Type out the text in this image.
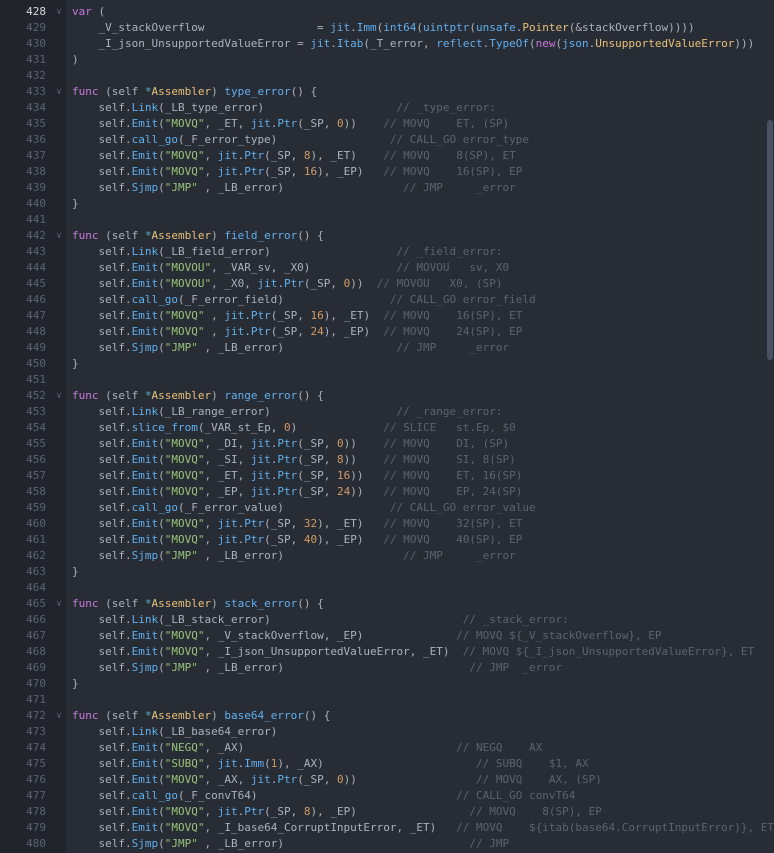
428
429
430
431
432
433
434
435
436
437
438
439
440
441
442
443
444
445
446
447
448
449
450
451
452
453
454
455
456
457
458
459
460
461
462
463
464
465
466
467
468
469
470
471
472
473
474
475
476
477
478
479
480
∨
∨
∨
∨
∨
∨
var (
_V_stackOverflow                 = jit.Imm(int64(uintptr(unsafe.Pointer(&stackOverflow))))
_I_json_UnsupportedValueError = jit.Itab(_T_error, reflect.TypeOf(new(json.UnsupportedValueError)))
)

func (self *Assembler) type_error() {
self.Link(_LB_type_error)                    // _type_error:
self.Emit("MOVQ", _ET, jit.Ptr(_SP, 0))    // MOVQ    ET, (SP)
self.call_go(_F_error_type)                 // CALL_GO error_type
self.Emit("MOVQ", jit.Ptr(_SP, 8), _ET)    // MOVQ    8(SP), ET
self.Emit("MOVQ", jit.Ptr(_SP, 16), _EP)   // MOVQ    16(SP), EP
self.Sjmp("JMP" , _LB_error)                  // JMP     _error
}

func (self *Assembler) field_error() {
self.Link(_LB_field_error)                   // _field_error:
self.Emit("MOVOU", _VAR_sv, _X0)             // MOVOU   sv, X0
self.Emit("MOVOU", _X0, jit.Ptr(_SP, 0))  // MOVOU   X0, (SP)
self.call_go(_F_error_field)                // CALL_GO error_field
self.Emit("MOVQ" , jit.Ptr(_SP, 16), _ET)  // MOVQ    16(SP), ET
self.Emit("MOVQ" , jit.Ptr(_SP, 24), _EP)  // MOVQ    24(SP), EP
self.Sjmp("JMP" , _LB_error)                 // JMP     _error
}

func (self *Assembler) range_error() {
self.Link(_LB_range_error)                   // _range_error:
self.slice_from(_VAR_st_Ep, 0)             // SLICE   st.Ep, $0
self.Emit("MOVQ", _DI, jit.Ptr(_SP, 0))    // MOVQ    DI, (SP)
self.Emit("MOVQ", _SI, jit.Ptr(_SP, 8))    // MOVQ    SI, 8(SP)
self.Emit("MOVQ", _ET, jit.Ptr(_SP, 16))   // MOVQ    ET, 16(SP)
self.Emit("MOVQ", _EP, jit.Ptr(_SP, 24))   // MOVQ    EP, 24(SP)
self.call_go(_F_error_value)                // CALL_GO error_value
self.Emit("MOVQ", jit.Ptr(_SP, 32), _ET)   // MOVQ    32(SP), ET
self.Emit("MOVQ", jit.Ptr(_SP, 40), _EP)   // MOVQ    40(SP), EP
self.Sjmp("JMP" , _LB_error)                  // JMP     _error
}

func (self *Assembler) stack_error() {
self.Link(_LB_stack_error)                             // _stack_error:
self.Emit("MOVQ", _V_stackOverflow, _EP)              // MOVQ ${_V_stackOverflow}, EP
self.Emit("MOVQ", _I_json_UnsupportedValueError, _ET)  // MOVQ ${_I_json_UnsupportedValueError}, ET
self.Sjmp("JMP" , _LB_error)                            // JMP  _error
}

func (self *Assembler) base64_error() {
self.Link(_LB_base64_error)
self.Emit("NEGQ", _AX)                                // NEGQ    AX
self.Emit("SUBQ", jit.Imm(1), _AX)                       // SUBQ    $1, AX
self.Emit("MOVQ", _AX, jit.Ptr(_SP, 0))                  // MOVQ    AX, (SP)
self.call_go(_F_convT64)                              // CALL_GO convT64
self.Emit("MOVQ", jit.Ptr(_SP, 8), _EP)                 // MOVQ    8(SP), EP
self.Emit("MOVQ", _I_base64_CorruptInputError, _ET)   // MOVQ    ${itab(base64.CorruptInputError)}, ET
self.Sjmp("JMP" , _LB_error)                            // JMP
